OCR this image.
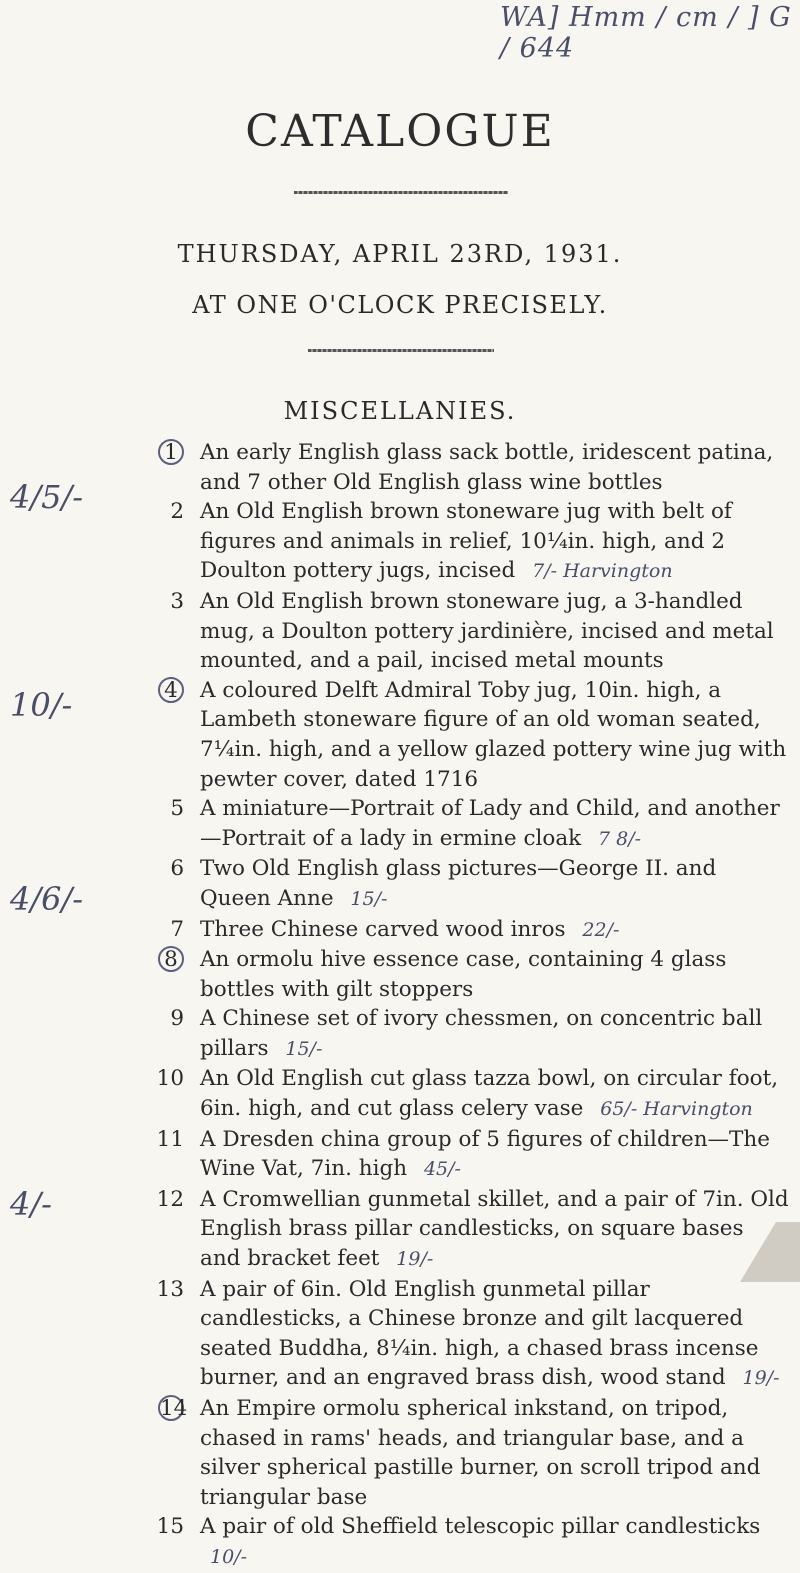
WA] Hmm / cm / ] G / 644
CATALOGUE
THURSDAY, APRIL 23RD, 1931.
AT ONE O'CLOCK PRECISELY.
MISCELLANIES.
4/5/-
10/-
4/6/-
4/-
1 An early English glass sack bottle, iridescent patina, and 7 other Old English glass wine bottles
2 An Old English brown stoneware jug with belt of figures and animals in relief, 10¼in. high, and 2 Doulton pottery jugs, incised 7/- Harvington
3 An Old English brown stoneware jug, a 3-handled mug, a Doulton pottery jardinière, incised and metal mounted, and a pail, incised metal mounts
4 A coloured Delft Admiral Toby jug, 10in. high, a Lambeth stoneware figure of an old woman seated, 7¼in. high, and a yellow glazed pottery wine jug with pewter cover, dated 1716
5 A miniature—Portrait of Lady and Child, and another—Portrait of a lady in ermine cloak 7 8/-
6 Two Old English glass pictures—George II. and Queen Anne 15/-
7 Three Chinese carved wood inros 22/-
8 An ormolu hive essence case, containing 4 glass bottles with gilt stoppers
9 A Chinese set of ivory chessmen, on concentric ball pillars 15/-
10 An Old English cut glass tazza bowl, on circular foot, 6in. high, and cut glass celery vase 65/- Harvington
11 A Dresden china group of 5 figures of children—The Wine Vat, 7in. high 45/-
12 A Cromwellian gunmetal skillet, and a pair of 7in. Old English brass pillar candlesticks, on square bases and bracket feet 19/-
13 A pair of 6in. Old English gunmetal pillar candlesticks, a Chinese bronze and gilt lacquered seated Buddha, 8¼in. high, a chased brass incense burner, and an engraved brass dish, wood stand 19/-
14 An Empire ormolu spherical inkstand, on tripod, chased in rams' heads, and triangular base, and a silver spherical pastille burner, on scroll tripod and triangular base
15 A pair of old Sheffield telescopic pillar candlesticks 10/-
